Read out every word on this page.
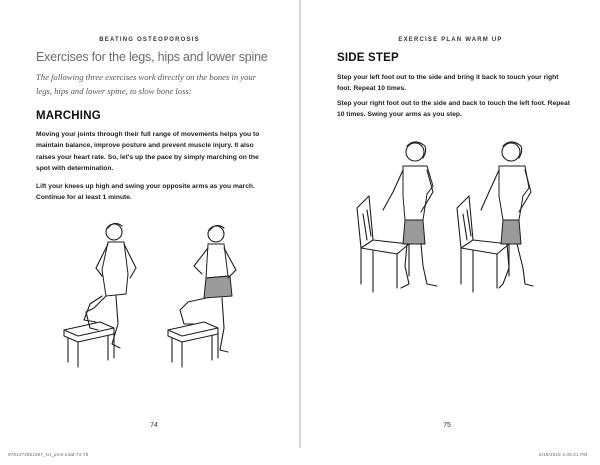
BEATING OSTEOPOROSIS
Exercises for the legs, hips and lower spine
The following three exercises work directly on the bones in your legs, hips and lower spine, to slow bone loss:
MARCHING
Moving your joints through their full range of movements helps you to maintain balance, improve posture and prevent muscle injury. It also raises your heart rate. So, let's up the pace by simply marching on the spot with determination.
Lift your knees up high and swing your opposite arms as you march. Continue for at least 1 minute.
74
9781472961907_txt_print.indd 74-75
EXERCISE PLAN WARM UP
SIDE STEP
Step your left foot out to the side and bring it back to touch your right foot. Repeat 10 times.
Step your right foot out to the side and back to touch the left foot. Repeat 10 times. Swing your arms as you step.
75
6/19/2019 4:46:21 PM
